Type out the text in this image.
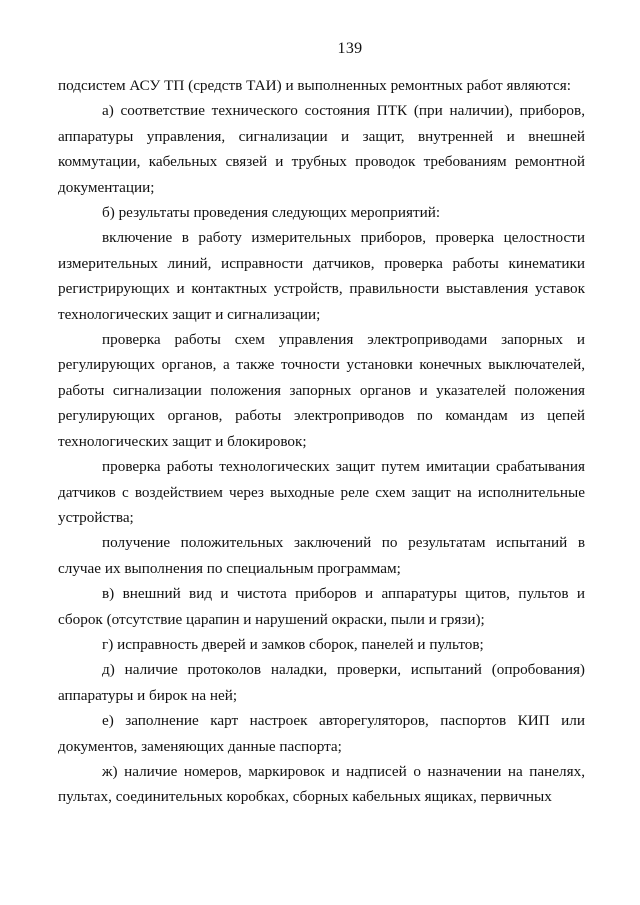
139

подсистем АСУ ТП (средств ТАИ) и выполненных ремонтных работ являются:

а) соответствие технического состояния ПТК (при наличии), приборов, аппаратуры управления, сигнализации и защит, внутренней и внешней коммутации, кабельных связей и трубных проводок требованиям ремонтной документации;

б) результаты проведения следующих мероприятий:

включение в работу измерительных приборов, проверка целостности измерительных линий, исправности датчиков, проверка работы кинематики регистрирующих и контактных устройств, правильности выставления уставок технологических защит и сигнализации;

проверка работы схем управления электроприводами запорных и регулирующих органов, а также точности установки конечных выключателей, работы сигнализации положения запорных органов и указателей положения регулирующих органов, работы электроприводов по командам из цепей технологических защит и блокировок;

проверка работы технологических защит путем имитации срабатывания датчиков с воздействием через выходные реле схем защит на исполнительные устройства;

получение положительных заключений по результатам испытаний в случае их выполнения по специальным программам;

в) внешний вид и чистота приборов и аппаратуры щитов, пультов и сборок (отсутствие царапин и нарушений окраски, пыли и грязи);

г) исправность дверей и замков сборок, панелей и пультов;

д) наличие протоколов наладки, проверки, испытаний (опробования) аппаратуры и бирок на ней;

е) заполнение карт настроек авторегуляторов, паспортов КИП или документов, заменяющих данные паспорта;

ж) наличие номеров, маркировок и надписей о назначении на панелях, пультах, соединительных коробках, сборных кабельных ящиках, первичных
